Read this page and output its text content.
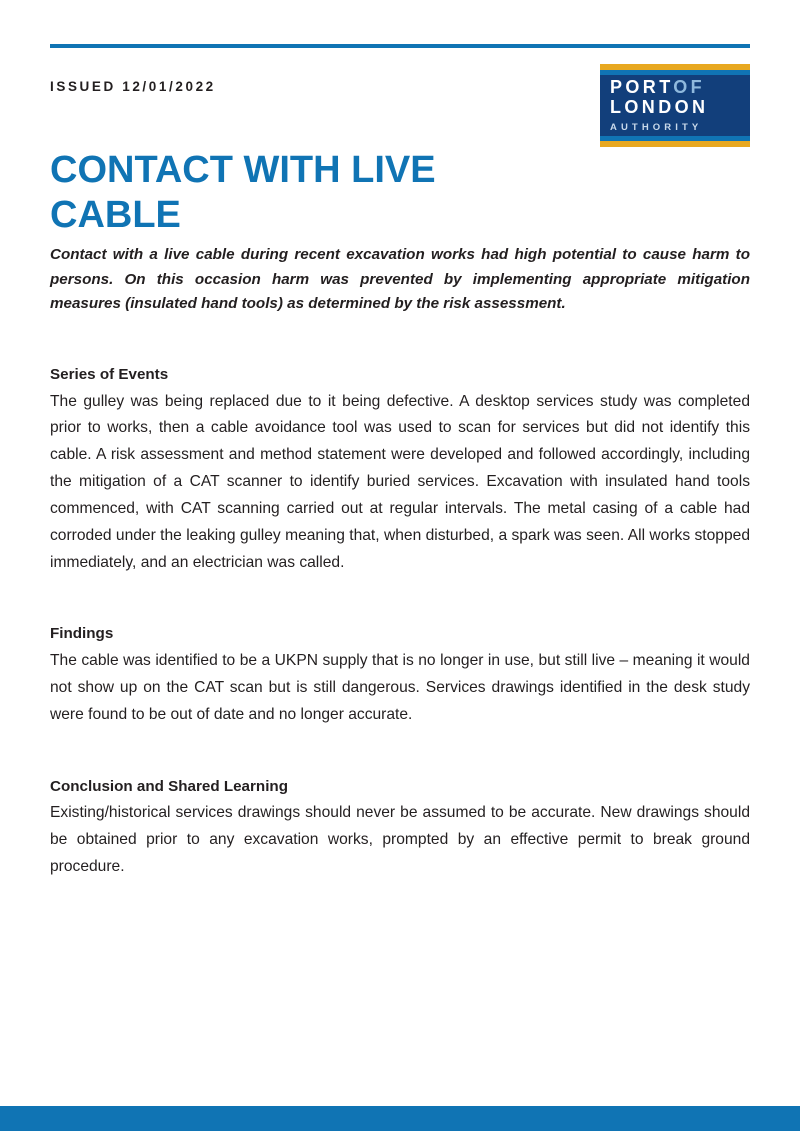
ISSUED 12/01/2022	PORTOF
LONDON
AUTHORITY
CONTACT WITH LIVE CABLE

Contact with a live cable during recent excavation works had high potential to cause harm to persons. On this occasion harm was prevented by implementing appropriate mitigation measures (insulated hand tools) as determined by the risk assessment.

Series of Events

The gulley was being replaced due to it being defective. A desktop services study was completed prior to works, then a cable avoidance tool was used to scan for services but did not identify this cable. A risk assessment and method statement were developed and followed accordingly, including the mitigation of a CAT scanner to identify buried services. Excavation with insulated hand tools commenced, with CAT scanning carried out at regular intervals. The metal casing of a cable had corroded under the leaking gulley meaning that, when disturbed, a spark was seen. All works stopped immediately, and an electrician was called.

Findings

The cable was identified to be a UKPN supply that is no longer in use, but still live – meaning it would not show up on the CAT scan but is still dangerous. Services drawings identified in the desk study were found to be out of date and no longer accurate.

Conclusion and Shared Learning

Existing/historical services drawings should never be assumed to be accurate. New drawings should be obtained prior to any excavation works, prompted by an effective permit to break ground procedure.
